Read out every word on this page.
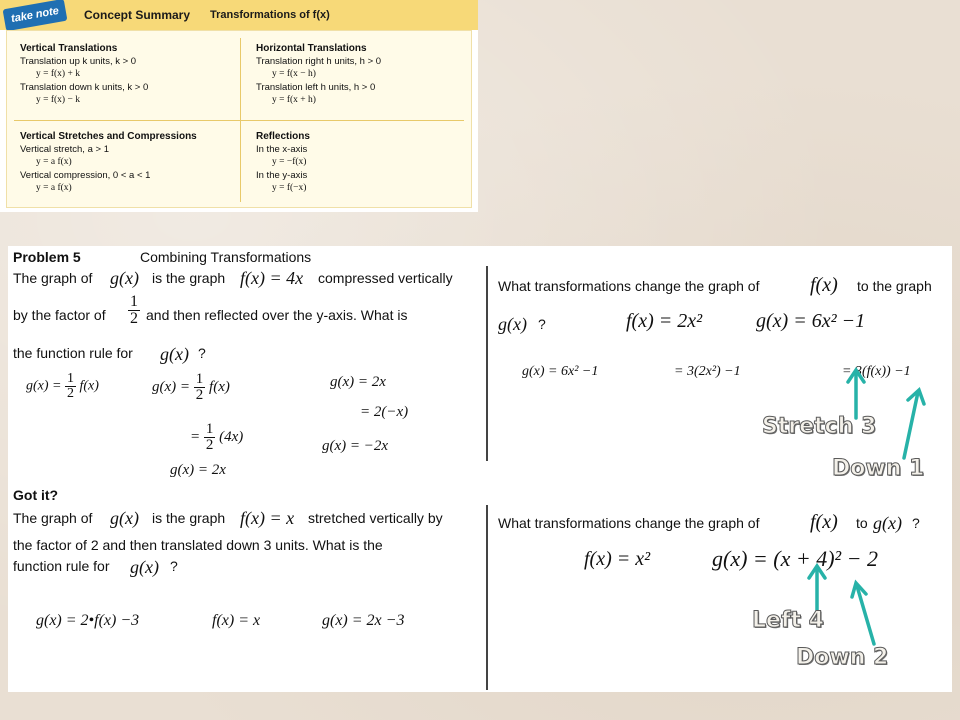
take note	Concept Summary Transformations of f(x)
Vertical Translations
Translation up k units, k > 0
y = f(x) + k
Translation down k units, k > 0
y = f(x) − k
Horizontal Translations
Translation right h units, h > 0
y = f(x − h)
Translation left h units, h > 0
y = f(x + h)
Vertical Stretches and Compressions
Vertical stretch, a > 1
y = a f(x)
Vertical compression, 0 < a < 1
y = a f(x)
Reflections
In the x-axis
y = −f(x)
In the y-axis
y = f(−x)
Problem 5	Combining Transformations
The graph of g(x) is the graph f(x) = 4x compressed vertically
by the factor of $\frac{1}{2}$ and then reflected over the y-axis. What is
the function rule for g(x) ?
$g(x) = \frac{1}{2} f(x)$	$g(x) = \frac{1}{2} f(x)$
= $\frac{1}{2} (4x)$
g(x) = 2x
g(x) = 2x
= 2(−x)
g(x) = −2x
What transformations change the graph of	f(x) to the graph
g(x) ?	f(x) = 2x²	g(x) = 6x² −1
g(x) = 6x² −1	= 3(2x²) −1	= 3(f(x)) −1
Got it?
The graph of g(x) is the graph f(x) = x stretched vertically by
the factor of 2 and then translated down 3 units. What is the
function rule for g(x) ?
g(x) = 2•f(x) −3	f(x) = x	g(x) = 2x −3
What transformations change the graph of	f(x) to g(x) ?
f(x) = x²	g(x) = (x + 4)² − 2
Stretch 3
Down 1
Left 4
Down 2
